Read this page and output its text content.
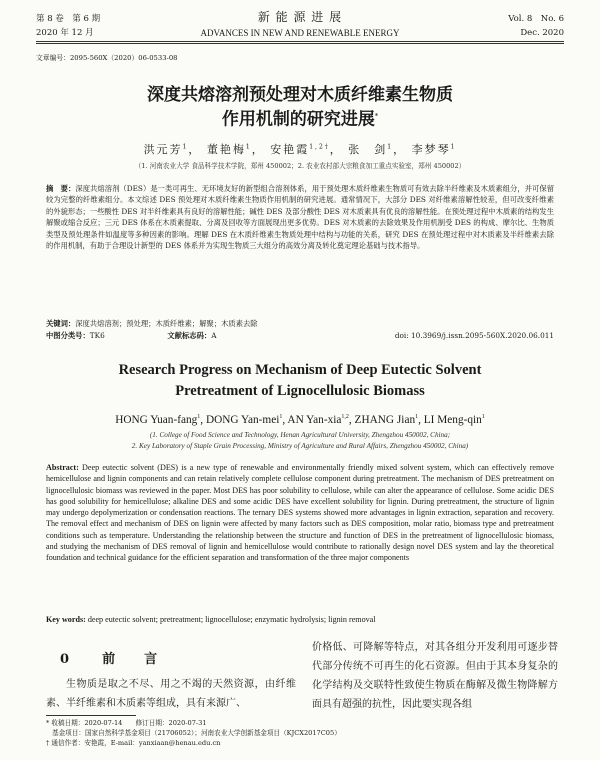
第 8 卷　第 6 期	新 能 源 进 展	Vol. 8　No. 6
2020 年 12 月	ADVANCES IN NEW AND RENEWABLE ENERGY	Dec. 2020
文章编号：2095-560X（2020）06-0533-08
深度共熔溶剂预处理对木质纤维素生物质
作用机制的研究进展*
洪元芳$^1$， 董艳梅$^1$， 安艳霞$^{1,2\dagger}$， 张　剑$^1$， 李梦琴$^1$
（1. 河南农业大学 食品科学技术学院，郑州 450002；2. 农业农村部大宗粮食加工重点实验室，郑州 450002）
摘　要：深度共熔溶剂（DES）是一类可再生、无环境友好的新型组合溶剂体系，用于预处理木质纤维素生物质可有效去除半纤维素及木质素组分，并可保留较为完整的纤维素组分。本文综述 DES 预处理对木质纤维素生物质作用机制的研究进展。通常情况下，大部分 DES 对纤维素溶解性较差，但可改变纤维素的外貌形态；一些酸性 DES 对半纤维素具有良好的溶解性能；碱性 DES 及部分酸性 DES 对木质素具有优良的溶解性能。在预处理过程中木质素的结构发生解聚或缩合反应；三元 DES 体系在木质素提取、分离及回收等方面展现出更多优势。DES 对木质素的去除效果及作用机制受 DES 的构成、摩尔比、生物质类型及预处理条件如温度等多种因素的影响。理解 DES 在木质纤维素生物质处理中结构与功能的关系，研究 DES 在预处理过程中对木质素及半纤维素去除的作用机制，有助于合理设计新型的 DES 体系并为实现生物质三大组分的高效分离及转化奠定理论基础与技术指导。
关键词：深度共熔溶剂；预处理；木质纤维素；解聚；木质素去除
中图分类号：TK6	文献标志码：A	doi: 10.3969/j.issn.2095-560X.2020.06.011
Research Progress on Mechanism of Deep Eutectic Solvent
Pretreatment of Lignocellulosic Biomass
HONG Yuan-fang$^1$, DONG Yan-mei$^1$, AN Yan-xia$^{1,2}$, ZHANG Jian$^1$, LI Meng-qin$^1$
(1. College of Food Science and Technology, Henan Agricultural University, Zhengzhou 450002, China;
2. Key Laboratory of Staple Grain Processing, Ministry of Agriculture and Rural Affairs, Zhengzhou 450002, China)
Abstract: Deep eutectic solvent (DES) is a new type of renewable and environmentally friendly mixed solvent system, which can effectively remove hemicellulose and lignin components and can retain relatively complete cellulose component during pretreatment. The mechanism of DES pretreatment on lignocellulosic biomass was reviewed in the paper. Most DES has poor solubility to cellulose, while can alter the appearance of cellulose. Some acidic DES has good solubility for hemicellulose; alkaline DES and some acidic DES have excellent solubility for lignin. During pretreatment, the structure of lignin may undergo depolymerization or condensation reactions. The ternary DES systems showed more advantages in lignin extraction, separation and recovery. The removal effect and mechanism of DES on lignin were affected by many factors such as DES composition, molar ratio, biomass type and pretreatment conditions such as temperature. Understanding the relationship between the structure and function of DES in the pretreatment of lignocellulosic biomass, and studying the mechanism of DES removal of lignin and hemicellulose would contribute to rationally design novel DES system and lay the theoretical foundation and technical guidance for the efficient separation and transformation of the three major components
Key words: deep eutectic solvent; pretreatment; lignocellulose; enzymatic hydrolysis; lignin removal
0 前　言
生物质是取之不尽、用之不竭的天然资源，由纤维素、半纤维素和木质素等组成，具有来源广、
价格低、可降解等特点，对其各组分开发利用可逐步替代部分传统不可再生的化石资源。但由于其本身复杂的化学结构及交联特性致使生物质在酶解及微生物降解方面具有超强的抗性，因此要实现各组
* 收稿日期：2020-07-14　　修订日期：2020-07-31
基金项目：国家自然科学基金项目（21706052）；河南农业大学创新基金项目（KJCX2017C05）
† 通信作者：安艳霞，E-mail：yanxiaan@henau.edu.cn
